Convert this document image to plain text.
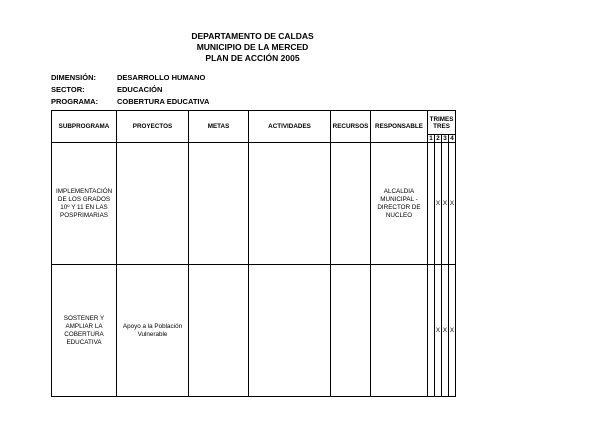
DEPARTAMENTO DE CALDAS
MUNICIPIO DE LA MERCED
PLAN DE ACCIÓN 2005
DIMENSIÓN:	DESARROLLO HUMANO
SECTOR:	EDUCACIÓN
PROGRAMA:	COBERTURA EDUCATIVA
SUBPROGRAMA	PROYECTOS	METAS	ACTIVIDADES	RECURSOS	RESPONSABLE	TRIMES TRES			
						1	2	3	4
IMPLEMENTACIÓN DE LOS GRADOS 10º Y 11 EN LAS POSPRIMARIAS					ALCALDIA MUNICIPAL - DIRECTOR DE NUCLEO		X	X	X
SOSTENER Y AMPLIAR LA COBERTURA EDUCATIVA	Apoyo a la Población Vulnerable						X	X	X
